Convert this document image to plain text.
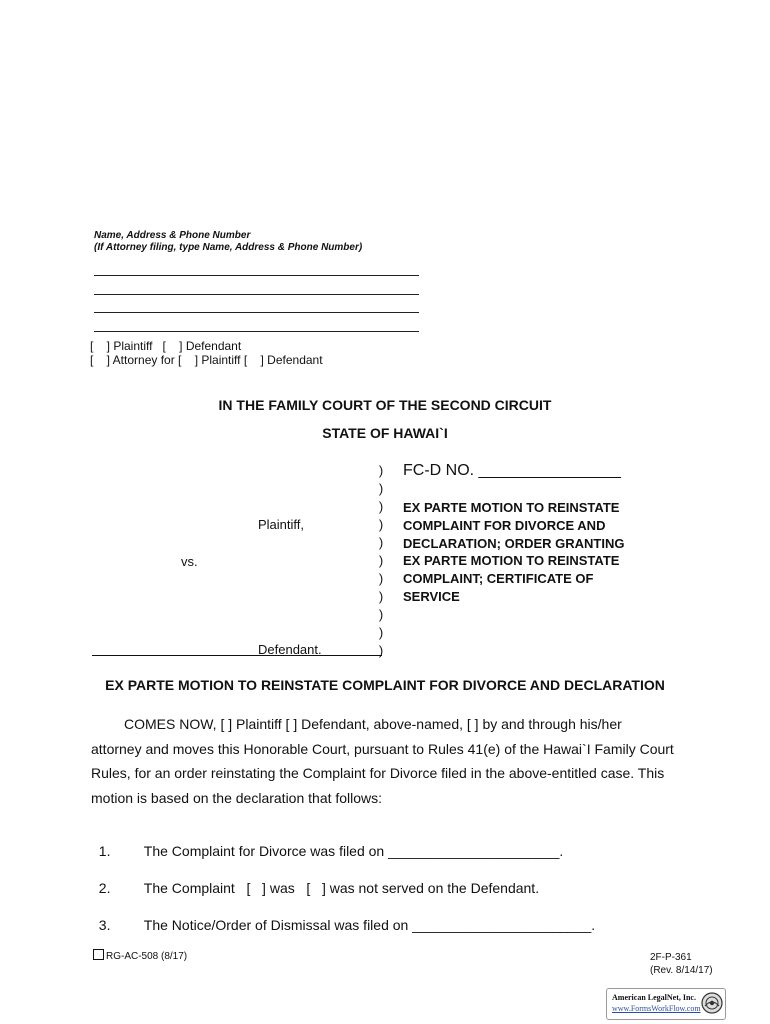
Name, Address & Phone Number
(If Attorney filing, type Name, Address & Phone Number)
[    ] Plaintiff   [    ] Defendant
[    ] Attorney for [    ] Plaintiff [    ] Defendant
IN THE FAMILY COURT OF THE SECOND CIRCUIT
STATE OF HAWAI`I
)
)
)
)
)
)
)
)
)
)
)
FC-D NO. ________________
EX PARTE MOTION TO REINSTATE
COMPLAINT FOR DIVORCE AND
DECLARATION; ORDER GRANTING
EX PARTE MOTION TO REINSTATE
COMPLAINT; CERTIFICATE OF
SERVICE
Plaintiff,
vs.
Defendant.
EX PARTE MOTION TO REINSTATE COMPLAINT FOR DIVORCE AND DECLARATION
COMES NOW, [ ] Plaintiff [ ] Defendant, above-named, [ ] by and through his/her
attorney and moves this Honorable Court, pursuant to Rules 41(e) of the Hawai`I Family Court
Rules, for an order reinstating the Complaint for Divorce filed in the above-entitled case. This
motion is based on the declaration that follows:

1. The Complaint for Divorce was filed on ______________________.

2. The Complaint   [   ] was   [   ] was not served on the Defendant.

3. The Notice/Order of Dismissal was filed on _______________________.

RG-AC-508 (8/17)	2F-P-361
(Rev. 8/14/17)
American LegalNet, Inc.
www.FormsWorkFlow.com
